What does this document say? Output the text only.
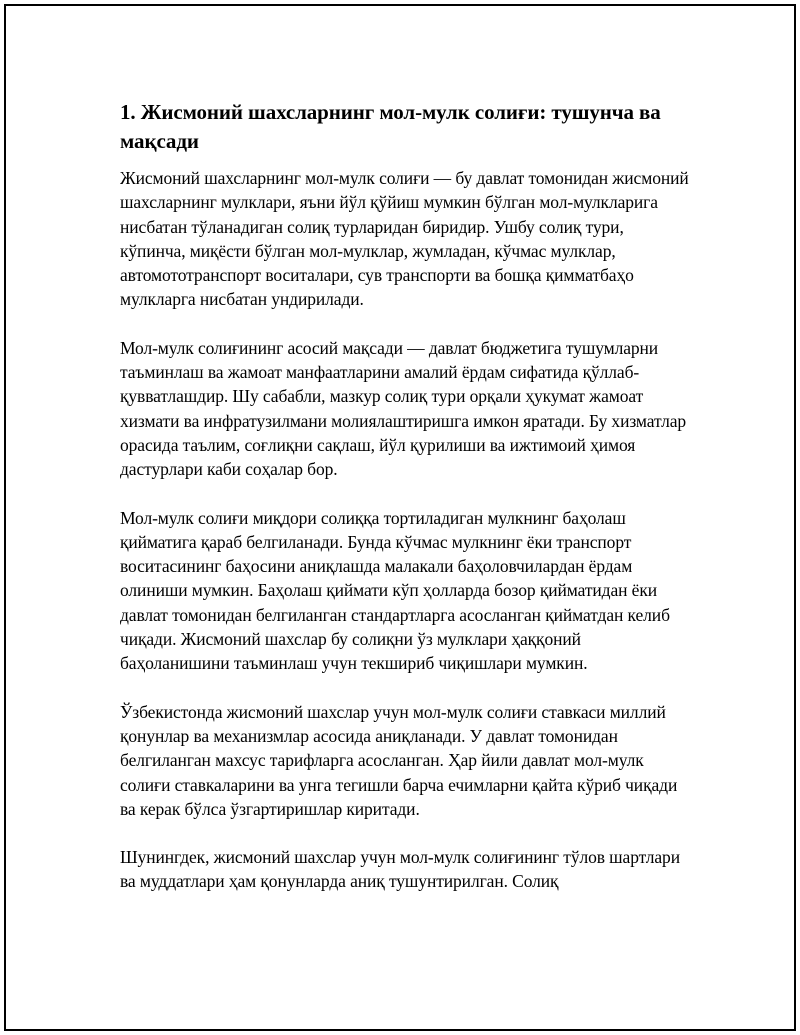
1. Жисмоний шахсларнинг мол-мулк солиғи: тушунча ва мақсади

Жисмоний шахсларнинг мол-мулк солиғи — бу давлат томонидан жисмоний шахсларнинг мулклари, яъни йўл қўйиш мумкин бўлган мол-мулкларига нисбатан тўланадиган солиқ турларидан биридир. Ушбу солиқ тури, кўпинча, миқёсти бўлган мол-мулклар, жумладан, кўчмас мулклар, автомототранспорт воситалари, сув транспорти ва бошқа қимматбаҳо мулкларга нисбатан ундирилади.

Мол-мулк солиғининг асосий мақсади — давлат бюджетига тушумларни таъминлаш ва жамоат манфаатларини амалий ёрдам сифатида қўллаб-қувватлашдир. Шу сабабли, мазкур солиқ тури орқали ҳукумат жамоат хизмати ва инфратузилмани молиялаштиришга имкон яратади. Бу хизматлар орасида таълим, соғлиқни сақлаш, йўл қурилиши ва ижтимоий ҳимоя дастурлари каби соҳалар бор.

Мол-мулк солиғи миқдори солиққа тортиладиган мулкнинг баҳолаш қийматига қараб белгиланади. Бунда кўчмас мулкнинг ёки транспорт воситасининг баҳосини аниқлашда малакали баҳоловчилардан ёрдам олиниши мумкин. Баҳолаш қиймати кўп ҳолларда бозор қийматидан ёки давлат томонидан белгиланган стандартларга асосланган қийматдан келиб чиқади. Жисмоний шахслар бу солиқни ўз мулклари ҳаққоний баҳоланишини таъминлаш учун текшириб чиқишлари мумкин.

Ўзбекистонда жисмоний шахслар учун мол-мулк солиғи ставкаси миллий қонунлар ва механизмлар асосида аниқланади. У давлат томонидан белгиланган махсус тарифларга асосланган. Ҳар йили давлат мол-мулк солиғи ставкаларини ва унга тегишли барча ечимларни қайта кўриб чиқади ва керак бўлса ўзгартиришлар киритади.

Шунингдек, жисмоний шахслар учун мол-мулк солиғининг тўлов шартлари ва муддатлари ҳам қонунларда аниқ тушунтирилган. Солиқ
